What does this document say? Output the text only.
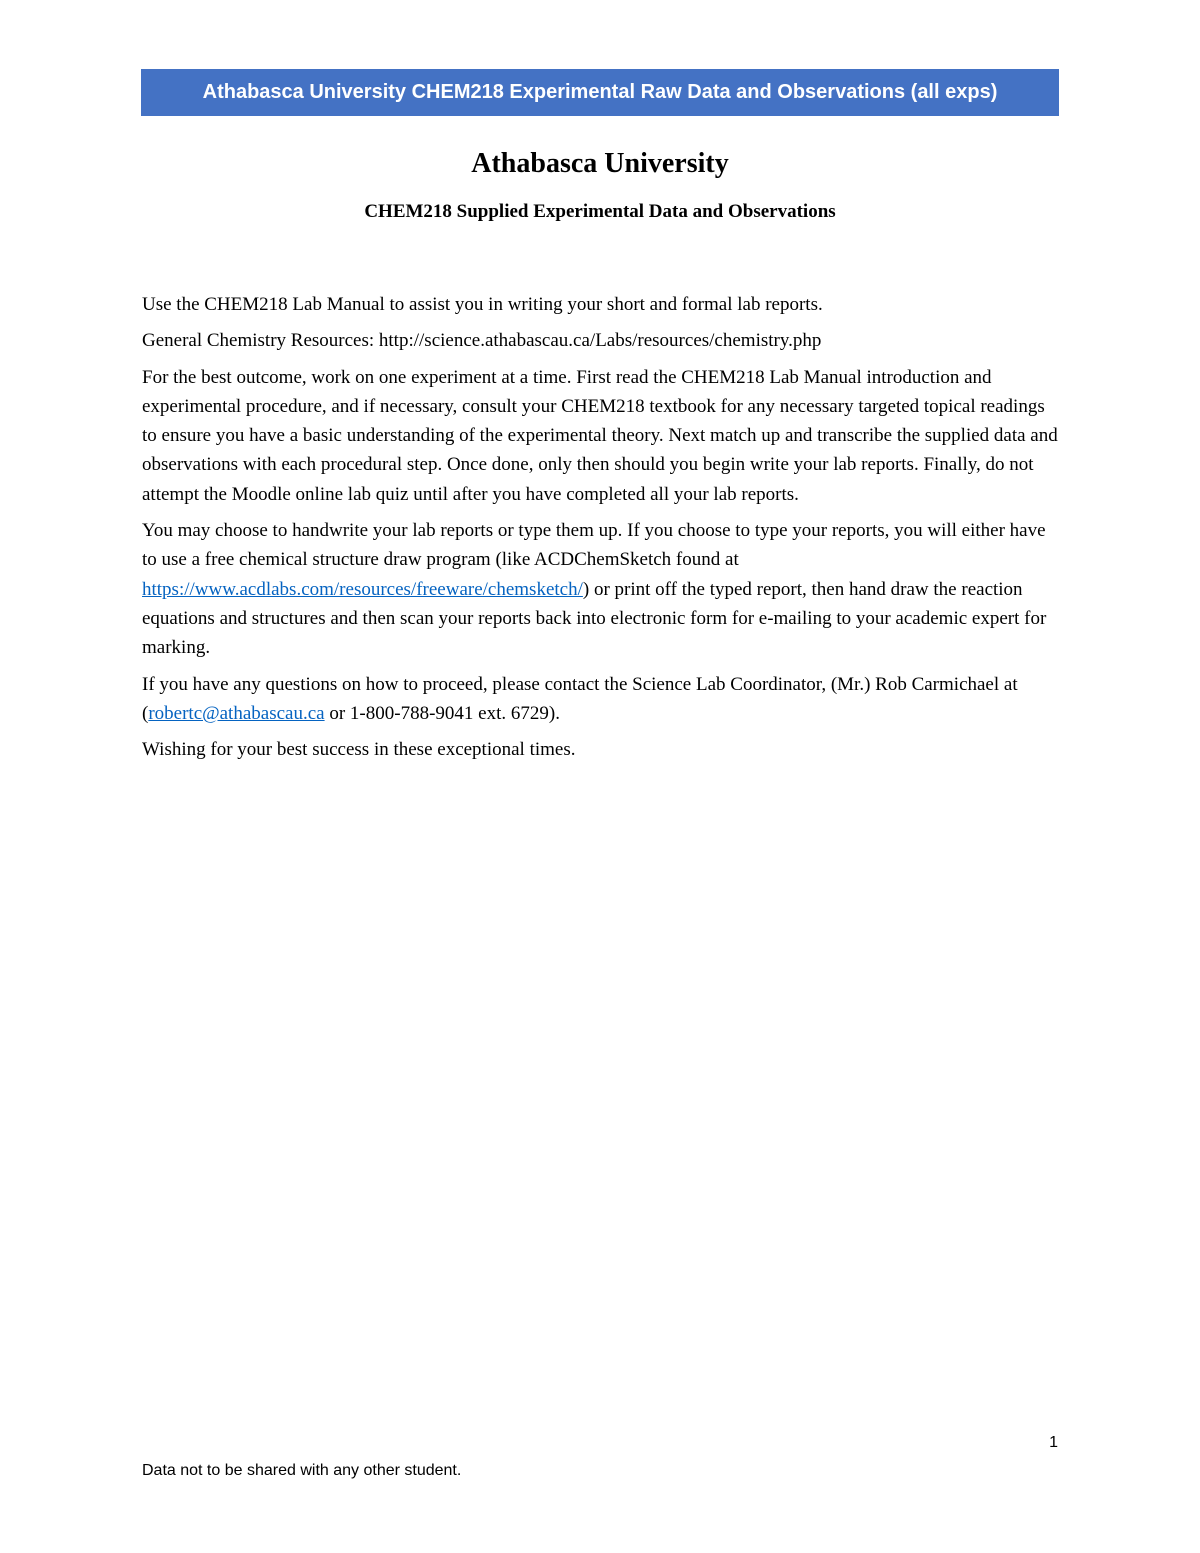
Athabasca University CHEM218 Experimental Raw Data and Observations (all exps)
Athabasca University
CHEM218 Supplied Experimental Data and Observations

Use the CHEM218 Lab Manual to assist you in writing your short and formal lab reports.

General Chemistry Resources: http://science.athabascau.ca/Labs/resources/chemistry.php

For the best outcome, work on one experiment at a time. First read the CHEM218 Lab Manual introduction and experimental procedure, and if necessary, consult your CHEM218 textbook for any necessary targeted topical readings to ensure you have a basic understanding of the experimental theory. Next match up and transcribe the supplied data and observations with each procedural step. Once done, only then should you begin write your lab reports. Finally, do not attempt the Moodle online lab quiz until after you have completed all your lab reports.

You may choose to handwrite your lab reports or type them up. If you choose to type your reports, you will either have to use a free chemical structure draw program (like ACDChemSketch found at https://www.acdlabs.com/resources/freeware/chemsketch/) or print off the typed report, then hand draw the reaction equations and structures and then scan your reports back into electronic form for e-mailing to your academic expert for marking.

If you have any questions on how to proceed, please contact the Science Lab Coordinator, (Mr.) Rob Carmichael at (robertc@athabascau.ca or 1-800-788-9041 ext. 6729).

Wishing for your best success in these exceptional times.

1
Data not to be shared with any other student.
